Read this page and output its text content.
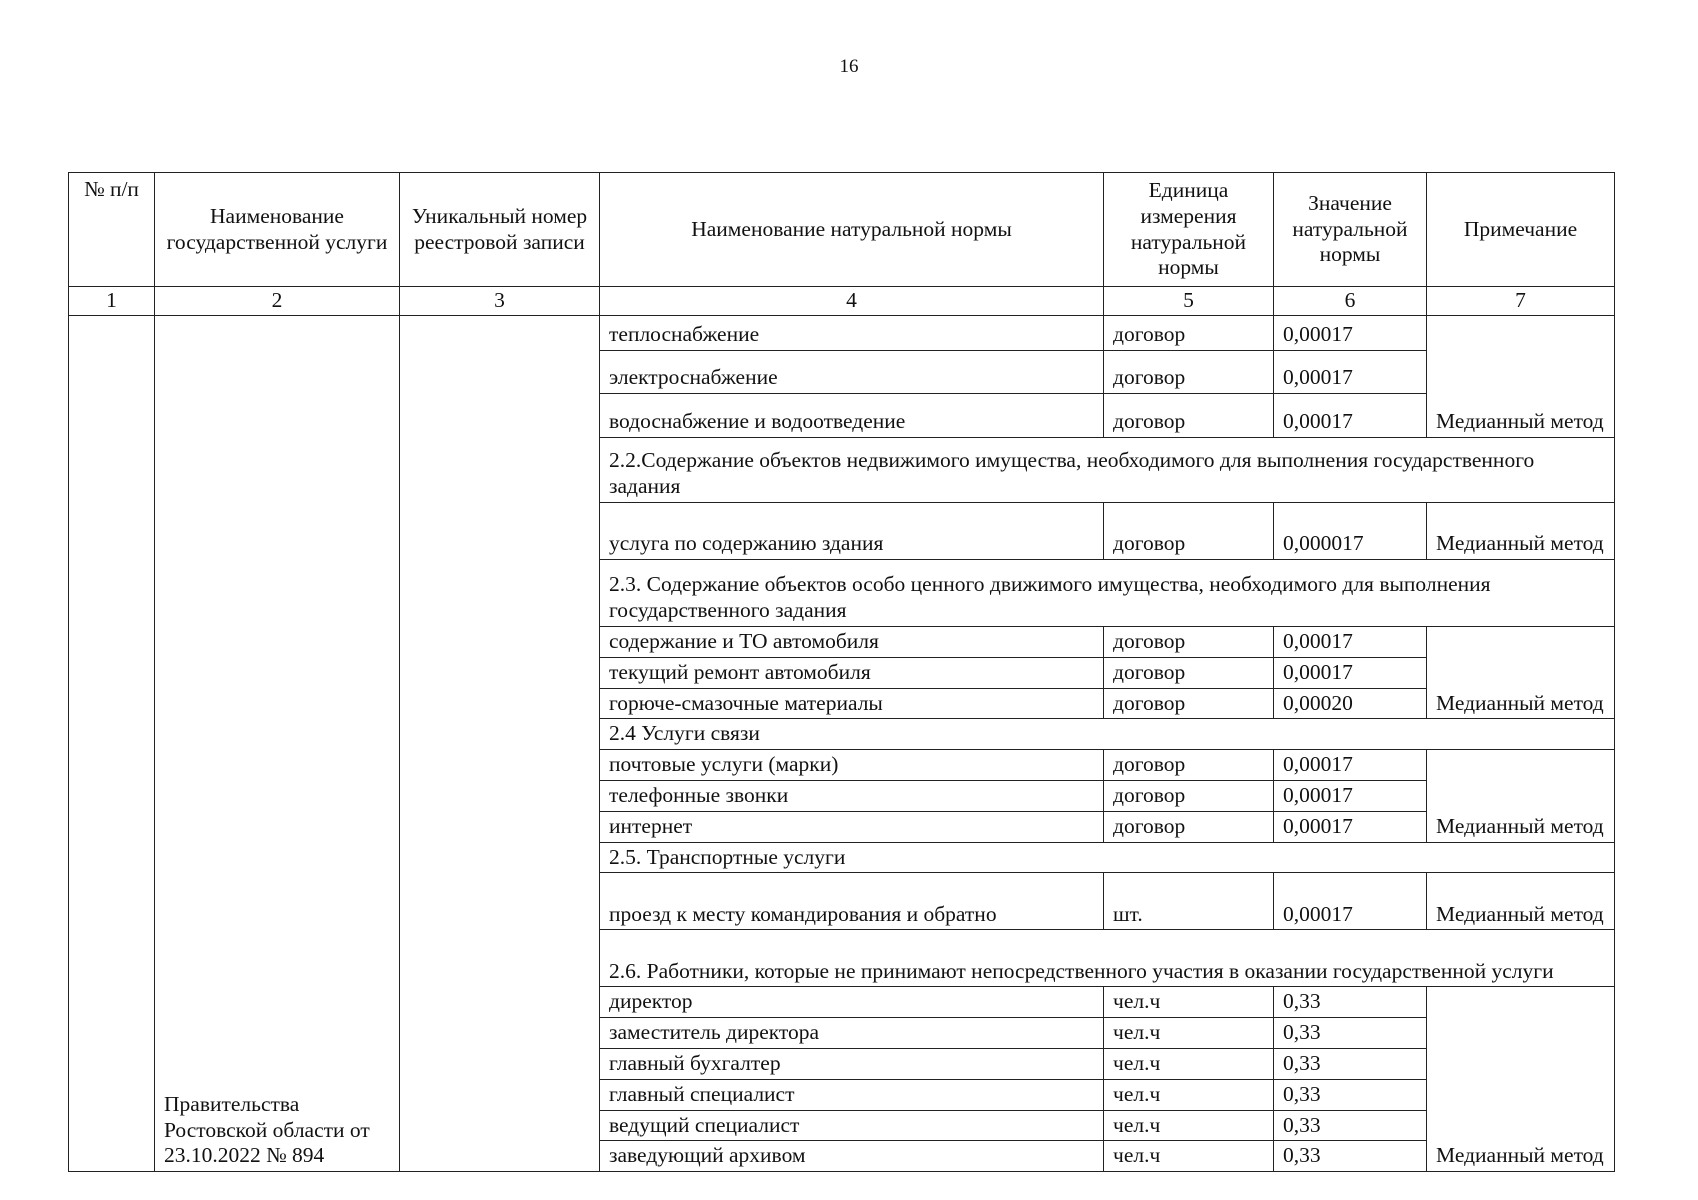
16
№ п/п	Наименование государственной услуги	Уникальный номер реестровой записи	Наименование натуральной нормы	Единица измерения натуральной нормы	Значение натуральной нормы	Примечание
1	2	3	4	5	6	7
	Правительства Ростовской области от 23.10.2022 № 894		теплоснабжение	договор	0,00017	Медианный метод
			электроснабжение	договор	0,00017	
			водоснабжение и водоотведение	договор	0,00017	
			2.2.Содержание объектов недвижимого имущества, необходимого для выполнения государственного задания			
			услуга по содержанию здания	договор	0,000017	Медианный метод
			2.3. Содержание объектов особо ценного движимого имущества, необходимого для выполнения государственного задания			
			содержание и ТО автомобиля	договор	0,00017	Медианный метод
			текущий ремонт автомобиля	договор	0,00017	
			горюче-смазочные материалы	договор	0,00020	
			2.4 Услуги связи			
			почтовые услуги (марки)	договор	0,00017	Медианный метод
			телефонные звонки	договор	0,00017	
			интернет	договор	0,00017	
			2.5. Транспортные услуги			
			проезд к месту командирования и обратно	шт.	0,00017	Медианный метод
			2.6. Работники, которые не принимают непосредственного участия в оказании государственной услуги			
			директор	чел.ч	0,33	Медианный метод
			заместитель директора	чел.ч	0,33	
			главный бухгалтер	чел.ч	0,33	
			главный специалист	чел.ч	0,33	
			ведущий специалист	чел.ч	0,33	
			заведующий архивом	чел.ч	0,33	
